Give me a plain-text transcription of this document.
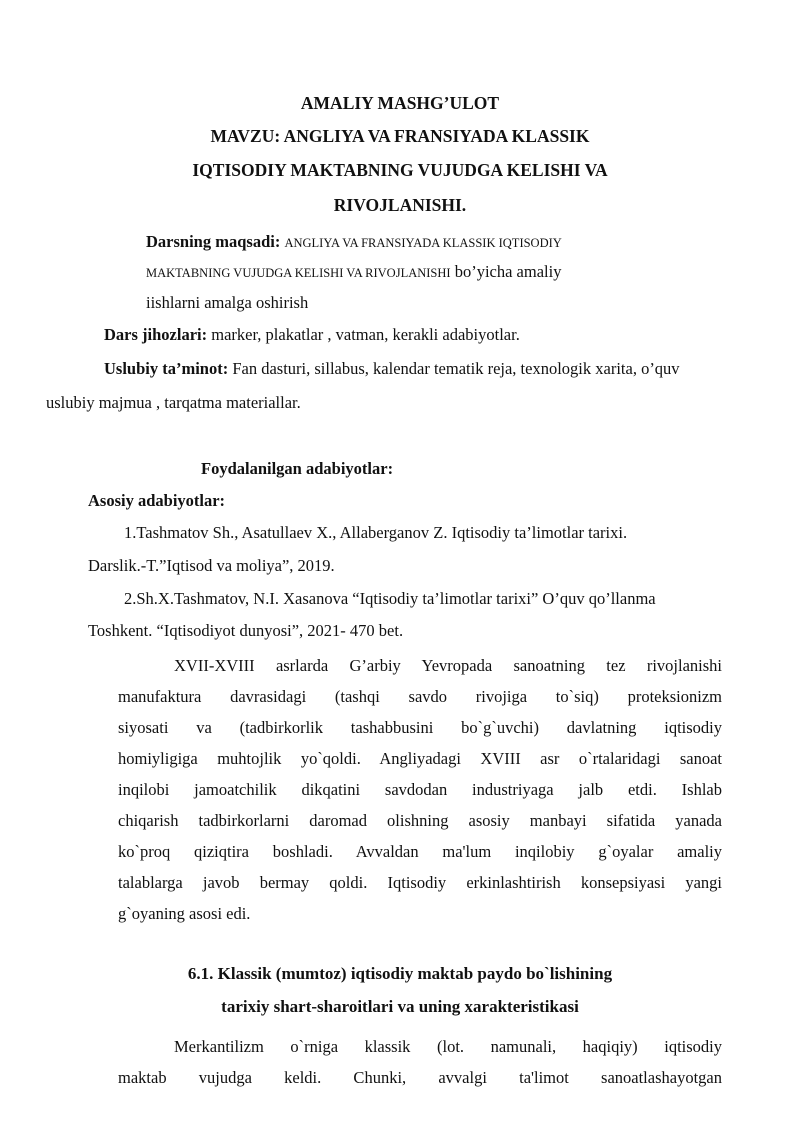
AMALIY MASHG’ULOT
MAVZU: ANGLIYA VA FRANSIYADA KLASSIK
IQTISODIY MAKTABNING VUJUDGA KELISHI VA
RIVOJLANISHI.
Darsning maqsadi: ANGLIYA VA FRANSIYADA KLASSIK IQTISODIY
MAKTABNING VUJUDGA KELISHI VA RIVOJLANISHI bo’yicha amaliy
iishlarni amalga oshirish
Dars jihozlari: marker, plakatlar , vatman, kerakli adabiyotlar.
Uslubiy ta’minot: Fan dasturi, sillabus, kalendar tematik reja, texnologik xarita, o’quv
uslubiy majmua , tarqatma materiallar.
Foydalanilgan adabiyotlar:
Asosiy adabiyotlar:
1.Tashmatov Sh., Asatullaev X., Allaberganov Z. Iqtisodiy ta’limotlar tarixi.
Darslik.-T.”Iqtisod va moliya”, 2019.
2.Sh.X.Tashmatov, N.I. Xasanova “Iqtisodiy ta’limotlar tarixi” O’quv qo’llanma
Toshkent. “Iqtisodiyot dunyosi”, 2021- 470 bet.
XVII-XVIII asrlarda G’arbiy Yevropada sanoatning tez rivojlanishi
manufaktura davrasidagi (tashqi savdo rivojiga to`siq) proteksionizm
siyosati va (tadbirkorlik tashabbusini bo`g`uvchi) davlatning iqtisodiy
homiyligiga muhtojlik yo`qoldi. Angliyadagi XVIII asr o`rtalaridagi sanoat
inqilobi jamoatchilik dikqatini savdodan industriyaga jalb etdi. Ishlab
chiqarish tadbirkorlarni daromad olishning asosiy manbayi sifatida yanada
ko`proq qiziqtira boshladi. Avvaldan ma'lum inqilobiy g`oyalar amaliy
talablarga javob bermay qoldi. Iqtisodiy erkinlashtirish konsepsiyasi yangi
g`oyaning asosi edi.
6.1. Klassik (mumtoz) iqtisodiy maktab paydo bo`lishining
tarixiy shart-sharoitlari va uning xarakteristikasi
Merkantilizm o`rniga klassik (lot. namunali, haqiqiy) iqtisodiy
maktab vujudga keldi. Chunki, avvalgi ta'limot sanoatlashayotgan
